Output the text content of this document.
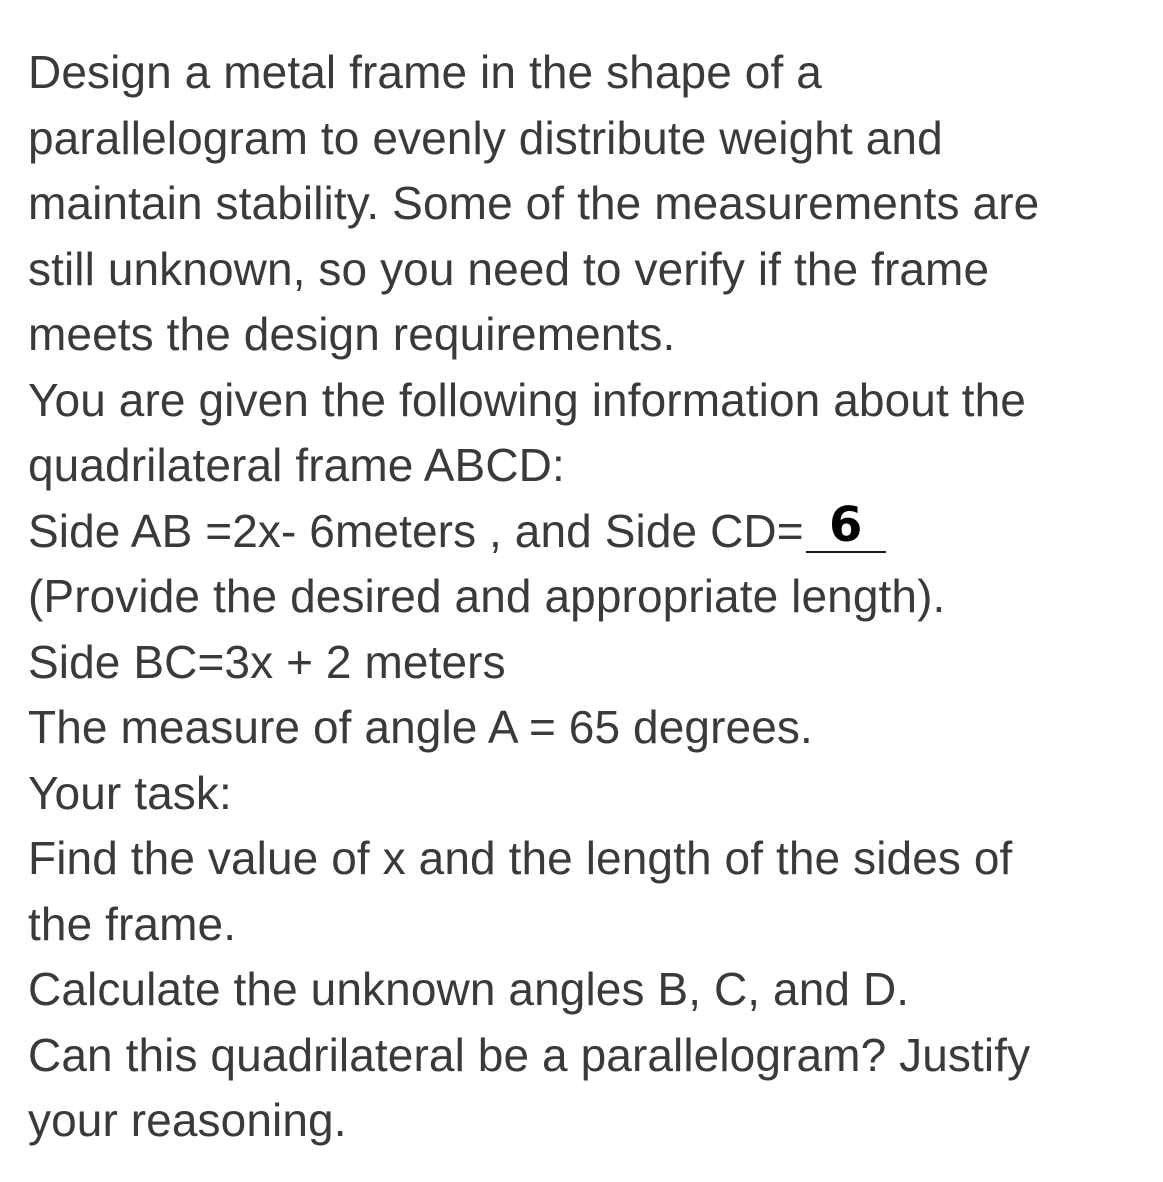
Design a metal frame in the shape of a
parallelogram to evenly distribute weight and
maintain stability. Some of the measurements are
still unknown, so you need to verify if the frame
meets the design requirements.
You are given the following information about the
quadrilateral frame ABCD:
Side AB =2x- 6meters , and Side CD= 6
(Provide the desired and appropriate length).
Side BC=3x + 2 meters
The measure of angle A = 65 degrees.
Your task:
Find the value of x and the length of the sides of
the frame.
Calculate the unknown angles B, C, and D.
Can this quadrilateral be a parallelogram? Justify
your reasoning.
